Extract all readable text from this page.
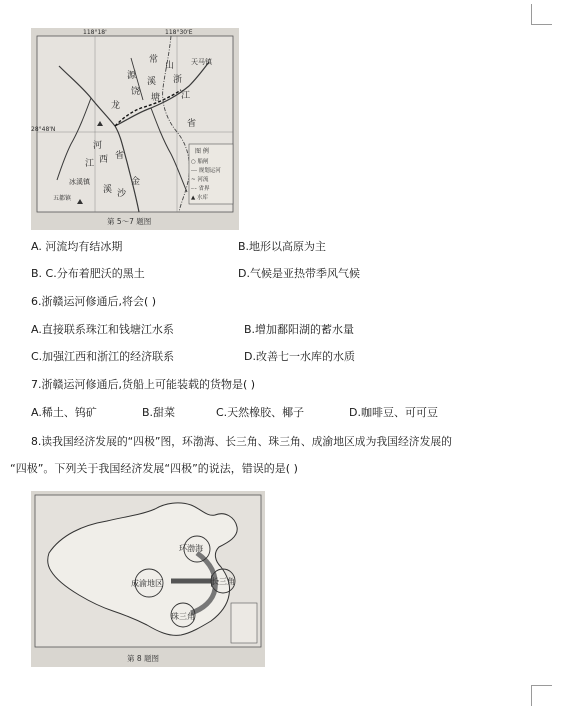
118°18'	118°30'E
28°48'N
常
山
浙
江
省
源
溪
饶
塘
龙
河
江 西 省
金
沙
溪
天马镇
冰溪镇
五都镇
图 例
○ 船闸
--- 规划运河
~ 河流
-·- 省界
▲ 水库
第 5～7 题图
A. 河流均有结冰期	B.地形以高原为主
B. C.分布着肥沃的黑土	D.气候是亚热带季风气候
6.浙赣运河修通后,将会( )
A.直接联系珠江和钱塘江水系	B.增加鄱阳湖的蓄水量
C.加强江西和浙江的经济联系	D.改善七一水库的水质
7.浙赣运河修通后,货船上可能装载的货物是( )
A.稀土、钨矿	B.甜菜	C.天然橡胶、椰子	D.咖啡豆、可可豆
8.读我国经济发展的“四极”图，环渤海、长三角、珠三角、成渝地区成为我国经济发展的
“四极”。下列关于我国经济发展“四极”的说法，错误的是( )
环渤海
长三角
珠三角
成渝地区
第 8 题图
